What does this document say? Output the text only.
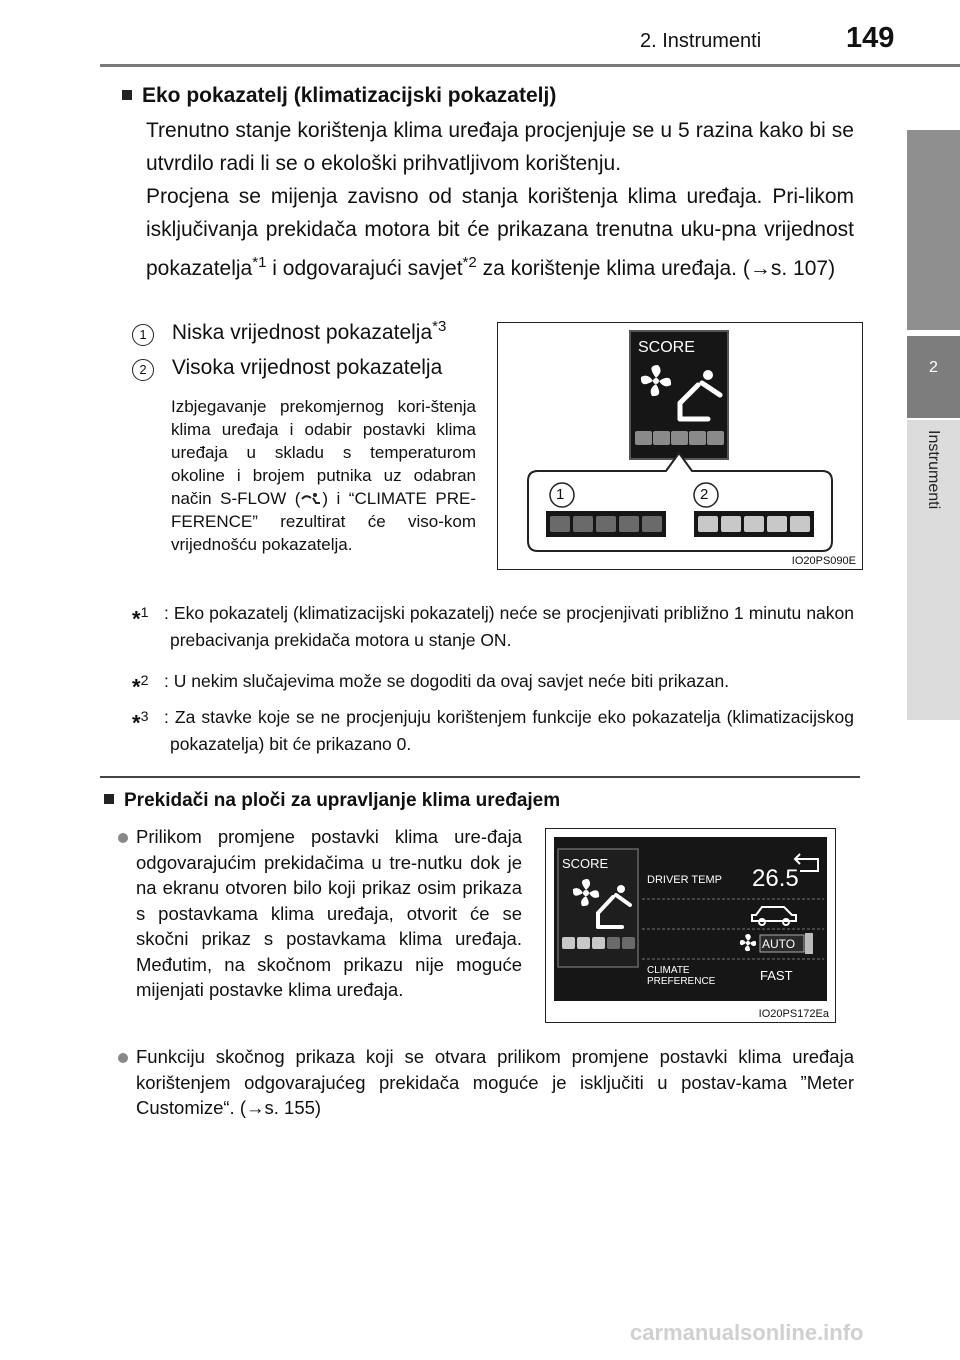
2. Instrumenti	149
2
Instrumenti
Eko pokazatelj (klimatizacijski pokazatelj)
Trenutno stanje korištenja klima uređaja procjenjuje se u 5 razina kako bi se utvrdilo radi li se o ekološki prihvatljivom korištenju.
Procjena se mijenja zavisno od stanja korištenja klima uređaja. Pri-likom isključivanja prekidača motora bit će prikazana trenutna uku-pna vrijednost pokazatelja$^{*1}$ i odgovarajući savjet$^{*2}$ za korištenje klima uređaja. (→s. 107)
1 Niska vrijednost pokazatelja$^{*3}$
2 Visoka vrijednost pokazatelja
Izbjegavanje prekomjernog kori-štenja klima uređaja i odabir postavki klima uređaja u skladu s temperaturom okoline i brojem putnika uz odabran način S-FLOW ( ) i “CLIMATE PRE-FERENCE” rezultirat će viso-kom vrijednošću pokazatelja.
SCORE
1	2
IO20PS090E
*$^1$ : Eko pokazatelj (klimatizacijski pokazatelj) neće se procjenjivati približno 1 minutu nakon prebacivanja prekidača motora u stanje ON.
*$^2$ : U nekim slučajevima može se dogoditi da ovaj savjet neće biti prikazan.
*$^3$ : Za stavke koje se ne procjenjuju korištenjem funkcije eko pokazatelja (klimatizacijskog pokazatelja) bit će prikazano 0.
Prekidači na ploči za upravljanje klima uređajem
Prilikom promjene postavki klima ure-đaja odgovarajućim prekidačima u tre-nutku dok je na ekranu otvoren bilo koji prikaz osim prikaza s postavkama klima uređaja, otvorit će se skočni prikaz s postavkama klima uređaja. Međutim, na skočnom prikazu nije moguće mijenjati postavke klima uređaja.
SCORE
DRIVER TEMP 26.5
AUTO
CLIMATE
PREFERENCE	FAST
IO20PS172Ea
Funkciju skočnog prikaza koji se otvara prilikom promjene postavki klima uređaja korištenjem odgovarajućeg prekidača moguće je isključiti u postav-kama ”Meter Customize“. (→s. 155)
carmanualsonline.info
